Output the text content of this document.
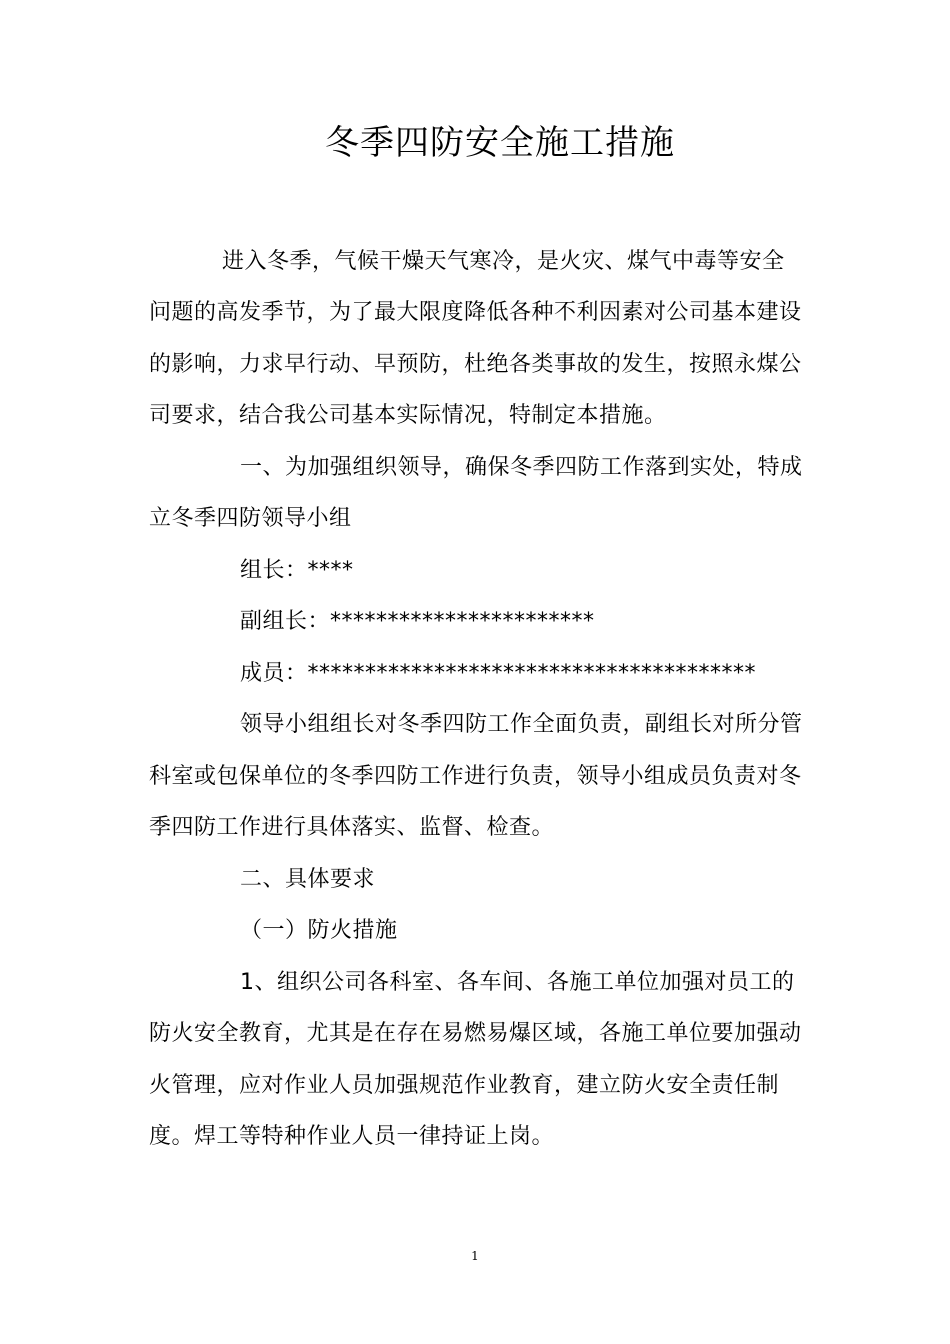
冬季四防安全施工措施
进入冬季，气候干燥天气寒冷，是火灾、煤气中毒等安全
问题的高发季节，为了最大限度降低各种不利因素对公司基本建设
的影响，力求早行动、早预防，杜绝各类事故的发生，按照永煤公
司要求，结合我公司基本实际情况，特制定本措施。
一、为加强组织领导，确保冬季四防工作落到实处，特成
立冬季四防领导小组
组长：****
副组长：***********************
成员：***************************************
领导小组组长对冬季四防工作全面负责，副组长对所分管
科室或包保单位的冬季四防工作进行负责，领导小组成员负责对冬
季四防工作进行具体落实、监督、检查。
二、具体要求
（一）防火措施
1、组织公司各科室、各车间、各施工单位加强对员工的
防火安全教育，尤其是在存在易燃易爆区域，各施工单位要加强动
火管理，应对作业人员加强规范作业教育，建立防火安全责任制
度。焊工等特种作业人员一律持证上岗。
1
